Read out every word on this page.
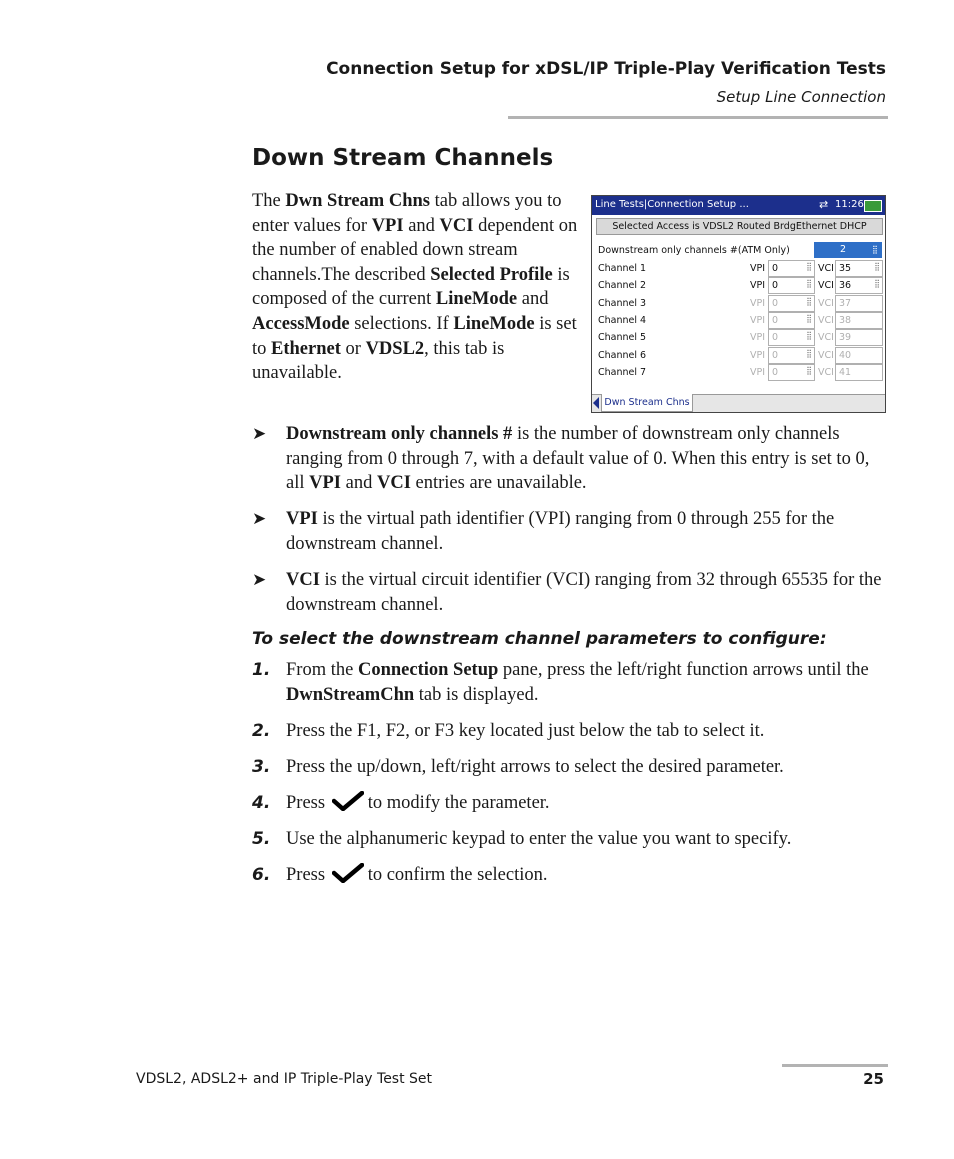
Connection Setup for xDSL/IP Triple-Play Verification Tests
Setup Line Connection
Down Stream Channels
The Dwn Stream Chns tab allows you to enter values for VPI and VCI dependent on the number of enabled down stream channels.The described Selected Profile is composed of the current LineMode and AccessMode selections. If LineMode is set to Ethernet or VDSL2, this tab is unavailable.
Line Tests|Connection Setup ...	⇄ 11:26
Selected Access is VDSL2 Routed BrdgEthernet DHCP
Downstream only channels #(ATM Only)	2	⣿
Channel 1	VPI 0	⣿ VCI 35	⣿
Channel 2	VPI 0	⣿ VCI 36	⣿
Channel 3	VPI 0	⣿ VCI 37
Channel 4	VPI 0	⣿ VCI 38
Channel 5	VPI 0	⣿ VCI 39
Channel 6	VPI 0	⣿ VCI 40
Channel 7	VPI 0	⣿ VCI 41
Dwn Stream Chns
➤ Downstream only channels # is the number of downstream only channels ranging from 0 through 7, with a default value of 0. When this entry is set to 0, all VPI and VCI entries are unavailable.
➤ VPI is the virtual path identifier (VPI) ranging from 0 through 255 for the downstream channel.
➤ VCI is the virtual circuit identifier (VCI) ranging from 32 through 65535 for the downstream channel.
To select the downstream channel parameters to configure:
1. From the Connection Setup pane, press the left/right function arrows until the DwnStreamChn tab is displayed.
2. Press the F1, F2, or F3 key located just below the tab to select it.
3. Press the up/down, left/right arrows to select the desired parameter.
4. Press to modify the parameter.
5. Use the alphanumeric keypad to enter the value you want to specify.
6. Press to confirm the selection.
VDSL2, ADSL2+ and IP Triple-Play Test Set	25
